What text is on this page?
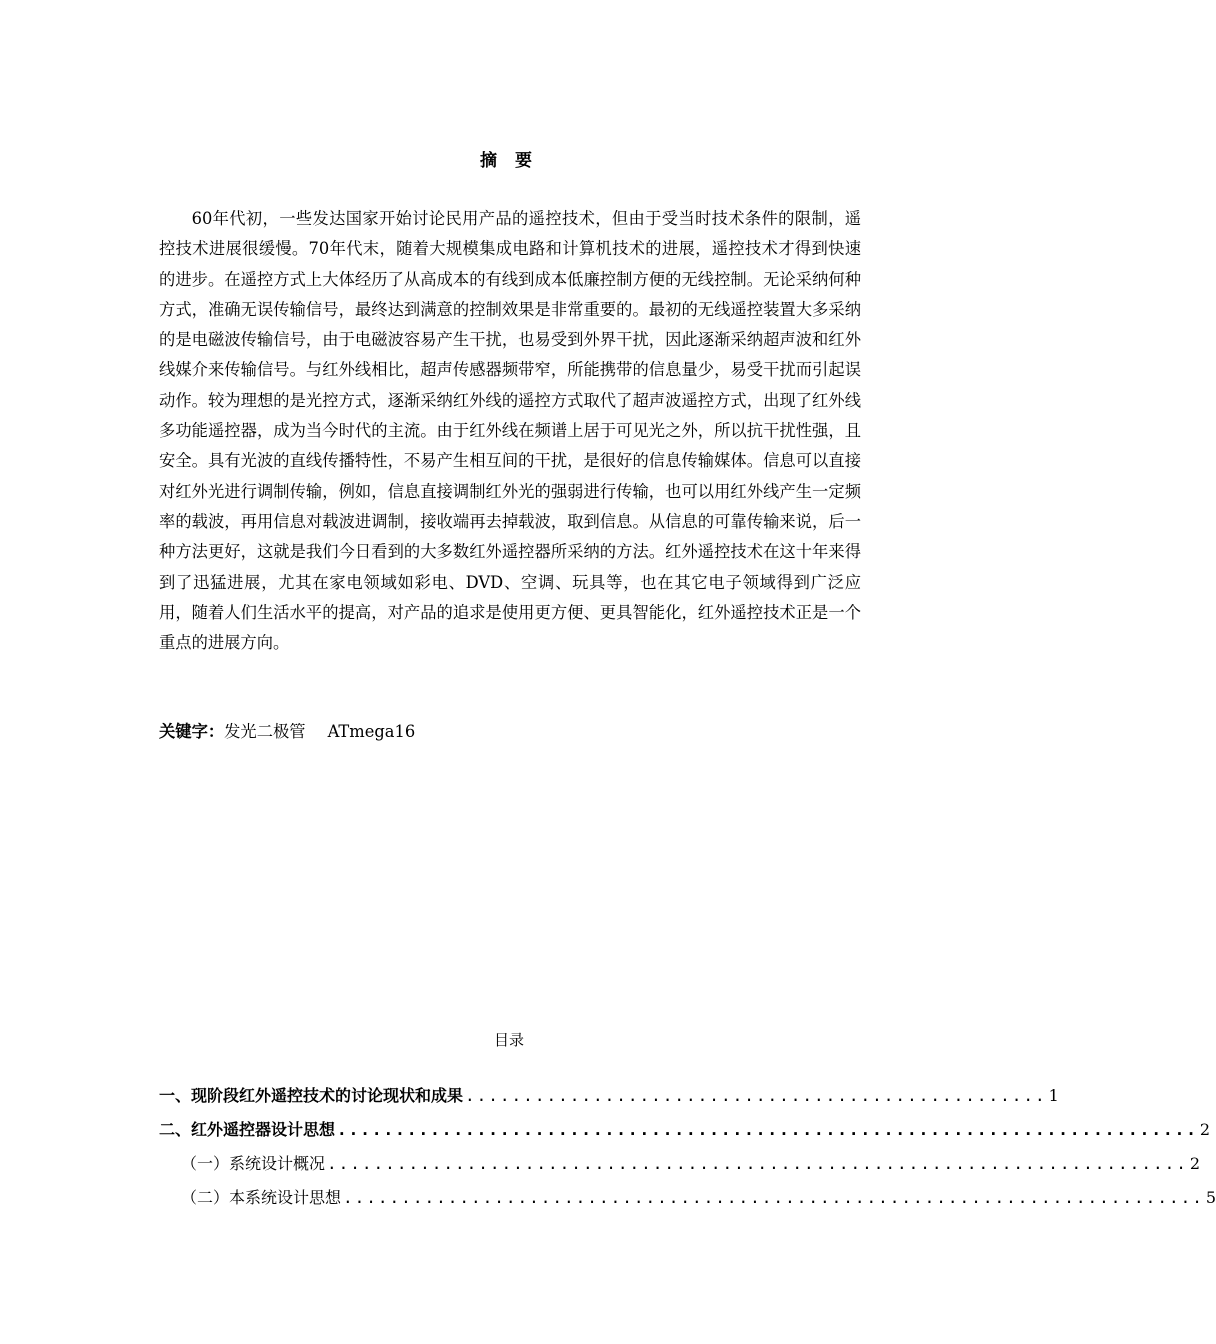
摘 要

60年代初，一些发达国家开始讨论民用产品的遥控技术，但由于受当时技术条件的限制，遥控技术进展很缓慢。70年代末，随着大规模集成电路和计算机技术的进展，遥控技术才得到快速的进步。在遥控方式上大体经历了从高成本的有线到成本低廉控制方便的无线控制。无论采纳何种方式，准确无误传输信号，最终达到满意的控制效果是非常重要的。最初的无线遥控装置大多采纳的是电磁波传输信号，由于电磁波容易产生干扰，也易受到外界干扰，因此逐渐采纳超声波和红外线媒介来传输信号。与红外线相比，超声传感器频带窄，所能携带的信息量少，易受干扰而引起误动作。较为理想的是光控方式，逐渐采纳红外线的遥控方式取代了超声波遥控方式，出现了红外线多功能遥控器，成为当今时代的主流。由于红外线在频谱上居于可见光之外，所以抗干扰性强，且安全。具有光波的直线传播特性，不易产生相互间的干扰，是很好的信息传输媒体。信息可以直接对红外光进行调制传输，例如，信息直接调制红外光的强弱进行传输，也可以用红外线产生一定频率的载波，再用信息对载波进调制，接收端再去掉载波，取到信息。从信息的可靠传输来说，后一种方法更好，这就是我们今日看到的大多数红外遥控器所采纳的方法。红外遥控技术在这十年来得到了迅猛进展，尤其在家电领域如彩电、DVD、空调、玩具等，也在其它电子领域得到广泛应用，随着人们生活水平的提高，对产品的追求是使用更方便、更具智能化，红外遥控技术正是一个重点的进展方向。

关键字：发光二极管 ATmega16
目录
一、现阶段红外遥控技术的讨论现状和成果 .................................................. 1
二、红外遥控器设计思想 .......................................................................... 2
（一）系统设计概况 .......................................................................... 2
（二）本系统设计思想 .......................................................................... 5
